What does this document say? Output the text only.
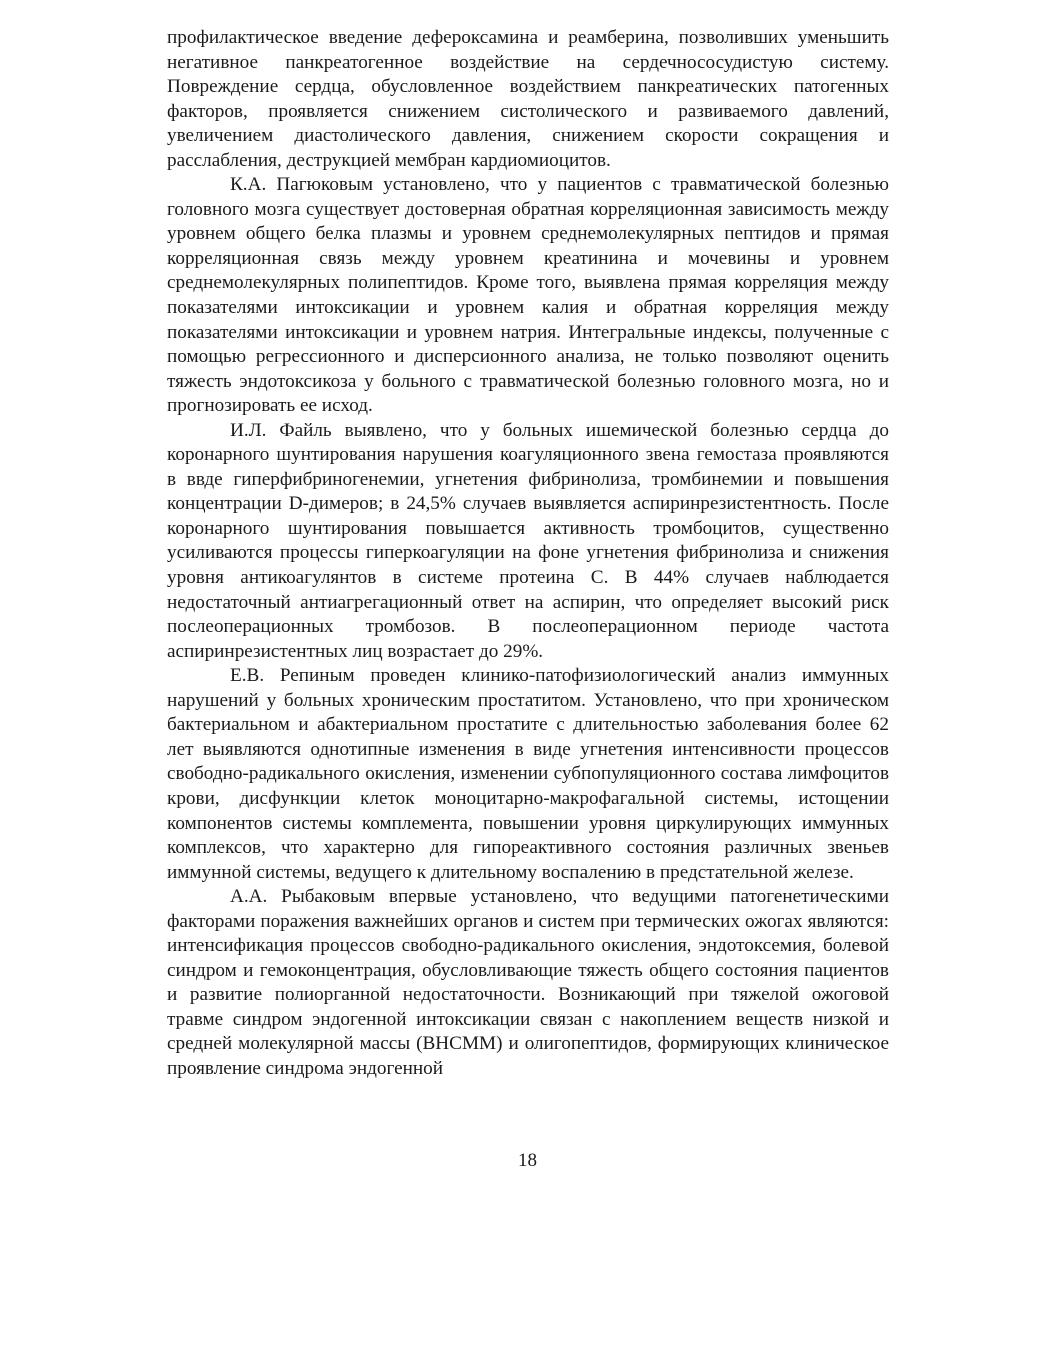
профилактическое введение дефероксамина и реамберина, позволивших уменьшить негативное панкреатогенное воздействие на сердечнососудистую систему. Повреждение сердца, обусловленное воздействием панкреатических патогенных факторов, проявляется снижением систолического и развиваемого давлений, увеличением диастолического давления, снижением скорости сокращения и расслабления, деструкцией мембран кардиомиоцитов.

К.А. Пагюковым установлено, что у пациентов с травматической болезнью головного мозга существует достоверная обратная корреляционная зависимость между уровнем общего белка плазмы и уровнем среднемолекулярных пептидов и прямая корреляционная связь между уровнем креатинина и мочевины и уровнем среднемолекулярных полипептидов. Кроме того, выявлена прямая корреляция между показателями интоксикации и уровнем калия и обратная корреляция между показателями интоксикации и уровнем натрия. Интегральные индексы, полученные с помощью регрессионного и дисперсионного анализа, не только позволяют оценить тяжесть эндотоксикоза у больного с травматической болезнью головного мозга, но и прогнозировать ее исход.

И.Л. Файль выявлено, что у больных ишемической болезнью сердца до коронарного шунтирования нарушения коагуляционного звена гемостаза проявляются в ввде гиперфибриногенемии, угнетения фибринолиза, тромбинемии и повышения концентрации D-димеров; в 24,5% случаев выявляется аспиринрезистентность. После коронарного шунтирования повышается активность тромбоцитов, существенно усиливаются процессы гиперкоагуляции на фоне угнетения фибринолиза и снижения уровня антикоагулянтов в системе протеина С. В 44% случаев наблюдается недостаточный антиагрегационный ответ на аспирин, что определяет высокий риск послеоперационных тромбозов. В послеоперационном периоде частота аспиринрезистентных лиц возрастает до 29%.

Е.В. Репиным проведен клинико-патофизиологический анализ иммунных нарушений у больных хроническим простатитом. Установлено, что при хроническом бактериальном и абактериальном простатите с длительностью заболевания более 62 лет выявляются однотипные изменения в виде угнетения интенсивности процессов свободно-радикального окисления, изменении субпопуляционного состава лимфоцитов крови, дисфункции клеток моноцитарно-макрофагальной системы, истощении компонентов системы комплемента, повышении уровня циркулирующих иммунных комплексов, что характерно для гипореактивного состояния различных звеньев иммунной системы, ведущего к длительному воспалению в предстательной железе.

А.А. Рыбаковым впервые установлено, что ведущими патогенетическими факторами поражения важнейших органов и систем при термических ожогах являются: интенсификация процессов свободно-радикального окисления, эндотоксемия, болевой синдром и гемоконцентрация, обусловливающие тяжесть общего состояния пациентов и развитие полиорганной недостаточности. Возникающий при тяжелой ожоговой травме синдром эндогенной интоксикации связан с накоплением веществ низкой и средней молекулярной массы (ВНСММ) и олигопептидов, формирующих клиническое проявление синдрома эндогенной

18
